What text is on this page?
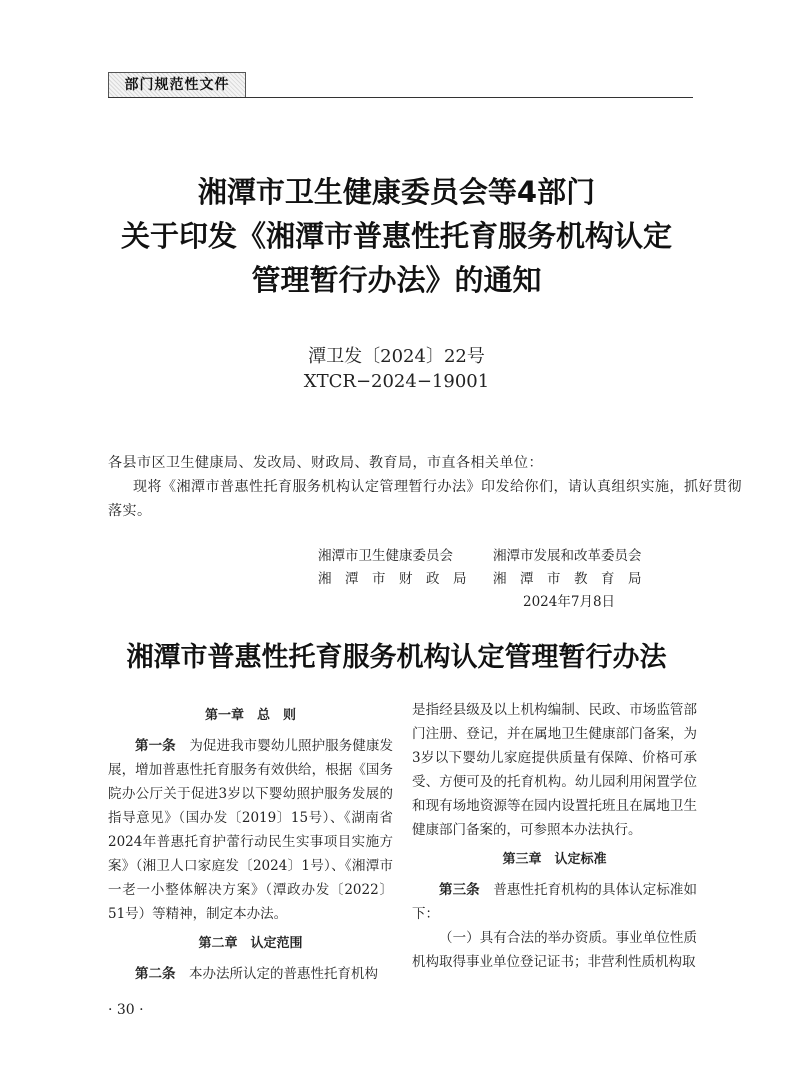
部门规范性文件
湘潭市卫生健康委员会等4部门
关于印发《湘潭市普惠性托育服务机构认定
管理暂行办法》的通知
潭卫发〔2024〕22号
XTCR−2024−19001
各县市区卫生健康局、发改局、财政局、教育局，市直各相关单位：
现将《湘潭市普惠性托育服务机构认定管理暂行办法》印发给你们，请认真组织实施，抓好贯彻
落实。
湘潭市卫生健康委员会	湘潭市发展和改革委员会
湘　潭　市　财　政　局 湘　潭　市　教　育　局
2024年7月8日
湘潭市普惠性托育服务机构认定管理暂行办法

第一章　总　则

第一条　 为促进我市婴幼儿照护服务健康发展，增加普惠性托育服务有效供给，根据《国务院办公厅关于促进3岁以下婴幼照护服务发展的指导意见》（国办发〔2019〕15号）、《湖南省2024年普惠托育护蕾行动民生实事项目实施方案》（湘卫人口家庭发〔2024〕1号）、《湘潭市一老一小整体解决方案》（潭政办发〔2022〕51号）等精神，制定本办法。

第二章　认定范围

第二条　 本办法所认定的普惠性托育机构

是指经县级及以上机构编制、民政、市场监管部门注册、登记，并在属地卫生健康部门备案，为3岁以下婴幼儿家庭提供质量有保障、价格可承受、方便可及的托育机构。幼儿园利用闲置学位和现有场地资源等在园内设置托班且在属地卫生健康部门备案的，可参照本办法执行。

第三章　认定标准

第三条　 普惠性托育机构的具体认定标准如下：

（一）具有合法的举办资质。事业单位性质机构取得事业单位登记证书；非营利性质机构取

· 30 ·
